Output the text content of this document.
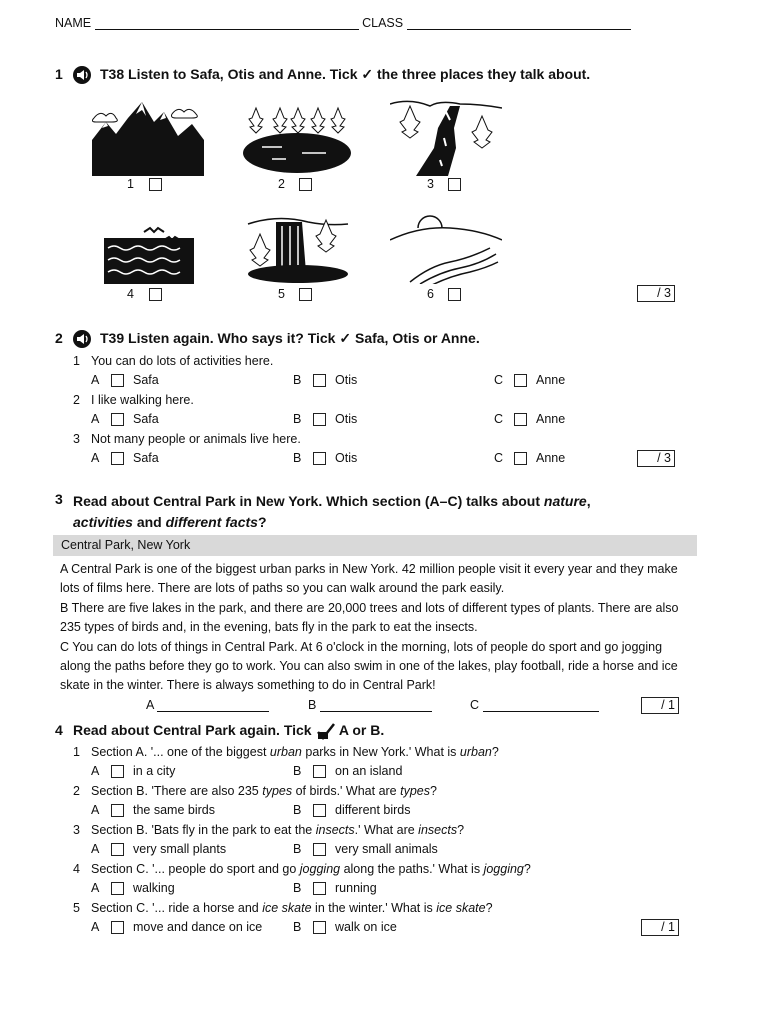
NAME	CLASS
1	T38 Listen to Safa, Otis and Anne. Tick ✓ the three places they talk about.
1	2	3
4	5	6	/ 3
2	T39 Listen again. Who says it? Tick ✓ Safa, Otis or Anne.
1 You can do lots of activities here.
A	Safa	B	Otis	C	Anne
2 I like walking here.
A	Safa	B	Otis	C	Anne
3 Not many people or animals live here.
A	Safa	B	Otis	C	Anne	/ 3
3 Read about Central Park in New York. Which section (A–C) talks about nature,
activities and different facts?
Central Park, New York
A Central Park is one of the biggest urban parks in New York. 42 million people visit it every year and they make lots of films here. There are lots of paths so you can walk around the park easily.
B There are five lakes in the park, and there are 20,000 trees and lots of different types of plants. There are also 235 types of birds and, in the evening, bats fly in the park to eat the insects.
C You can do lots of things in Central Park. At 6 o'clock in the morning, lots of people do sport and go jogging along the paths before they go to work. You can also swim in one of the lakes, play football, ride a horse and ice skate in the winter. There is always something to do in Central Park!
A	B	C	/ 1
4 Read about Central Park again. Tick A or B.
1 Section A. '... one of the biggest urban parks in New York.' What is urban?
A	in a city	B	on an island
2 Section B. 'There are also 235 types of birds.' What are types?
A	the same birds	B	different birds
3 Section B. 'Bats fly in the park to eat the insects.' What are insects?
A	very small plants	B	very small animals
4 Section C. '... people do sport and go jogging along the paths.' What is jogging?
A	walking	B	running
5 Section C. '... ride a horse and ice skate in the winter.' What is ice skate?
A	move and dance on ice B	walk on ice	/ 1
